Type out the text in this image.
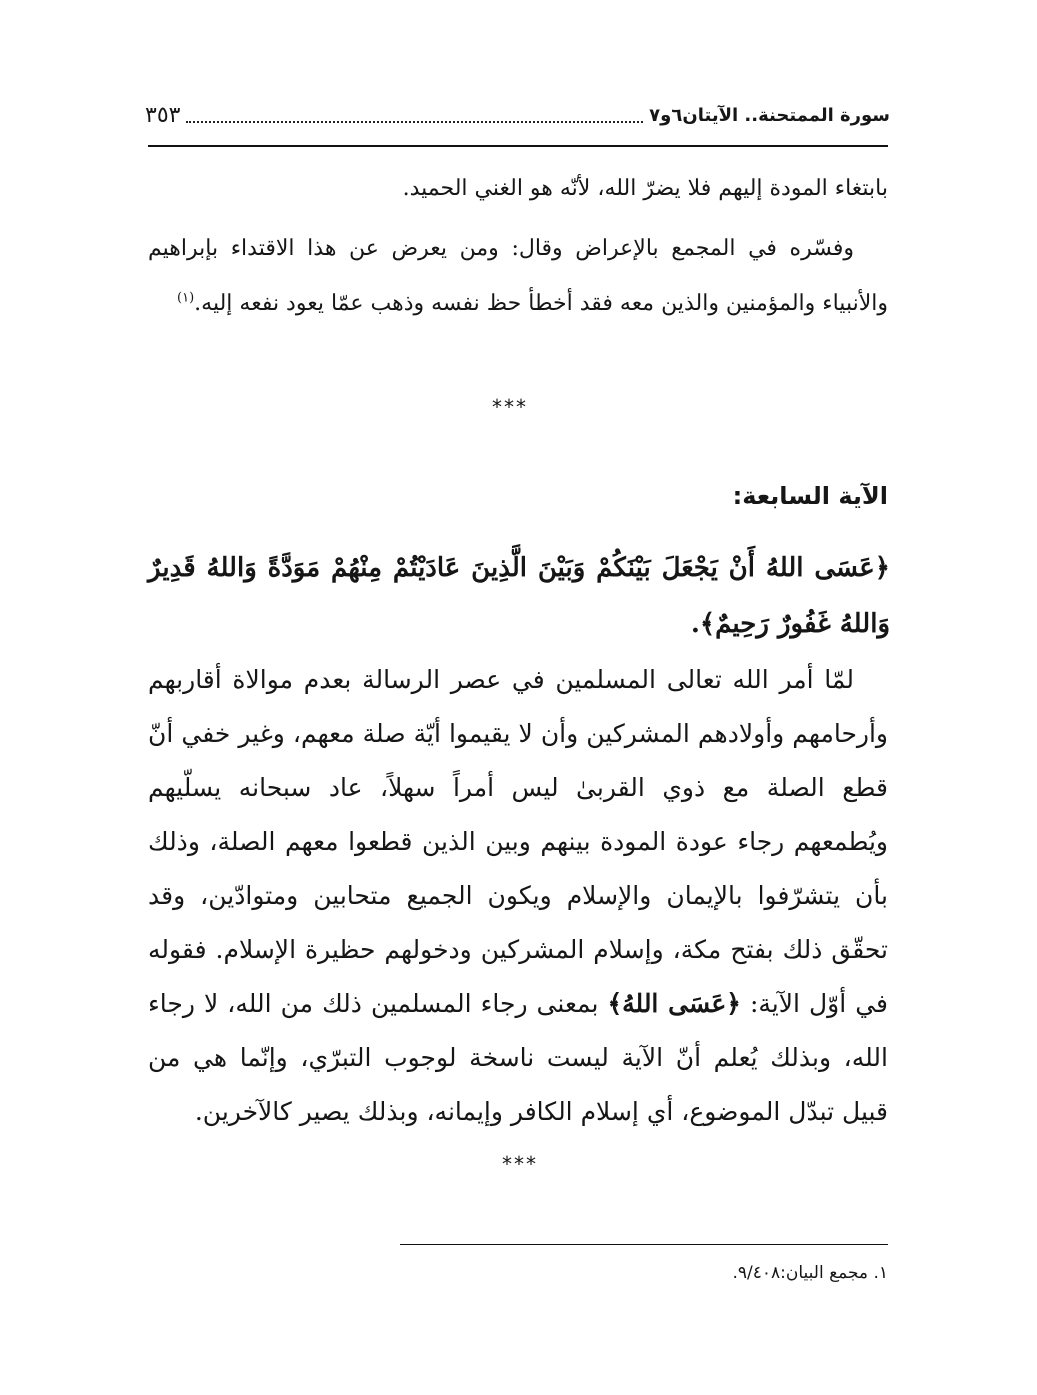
سورة الممتحنة.. الآيتان٦و٧
٣٥٣
بابتغاء المودة إليهم فلا يضرّ الله، لأنّه هو الغني الحميد.
وفسّره في المجمع بالإعراض وقال: ومن يعرض عن هذا الاقتداء بإبراهيم والأنبياء والمؤمنين والذين معه فقد أخطأ حظ نفسه وذهب عمّا يعود نفعه إليه.$^{(١)}$
***
الآية السابعة:
﴿عَسَى اللهُ أَنْ يَجْعَلَ بَيْنَكُمْ وَبَيْنَ الَّذِينَ عَادَيْتُمْ مِنْهُمْ مَوَدَّةً وَاللهُ قَدِيرٌ وَاللهُ غَفُورٌ رَحِيمٌ﴾.
لمّا أمر الله تعالى المسلمين في عصر الرسالة بعدم موالاة أقاربهم وأرحامهم وأولادهم المشركين وأن لا يقيموا أيّة صلة معهم، وغير خفي أنّ قطع الصلة مع ذوي القربىٰ ليس أمراً سهلاً، عاد سبحانه يسلّيهم ويُطمعهم رجاء عودة المودة بينهم وبين الذين قطعوا معهم الصلة، وذلك بأن يتشرّفوا بالإيمان والإسلام ويكون الجميع متحابين ومتوادّين، وقد تحقّق ذلك بفتح مكة، وإسلام المشركين ودخولهم حظيرة الإسلام. فقوله في أوّل الآية: ﴿عَسَى اللهُ﴾ بمعنى رجاء المسلمين ذلك من الله، لا رجاء الله، وبذلك يُعلم أنّ الآية ليست ناسخة لوجوب التبرّي، وإنّما هي من قبيل تبدّل الموضوع، أي إسلام الكافر وإيمانه، وبذلك يصير كالآخرين.
***
١. مجمع البيان:٩/٤٠٨.
